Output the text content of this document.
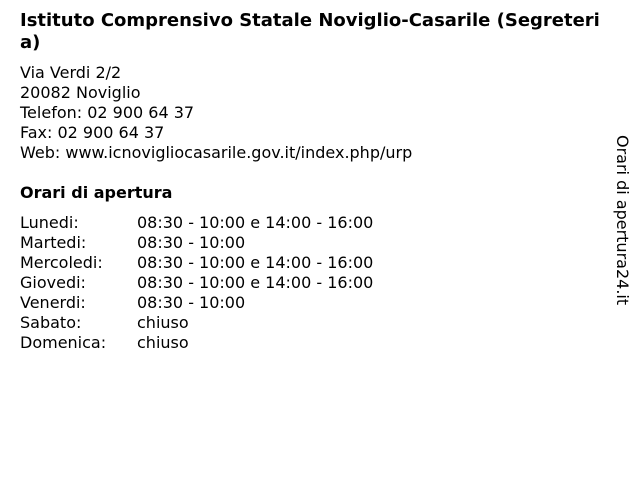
Istituto Comprensivo Statale Noviglio-Casarile (Segreteria)
Via Verdi 2/2
20082 Noviglio
Telefon: 02 900 64 37
Fax: 02 900 64 37
Web: www.icnovigliocasarile.gov.it/index.php/urp
Orari di apertura
Lunedi:	08:30 - 10:00 e 14:00 - 16:00
Martedi:	08:30 - 10:00
Mercoledi:	08:30 - 10:00 e 14:00 - 16:00
Giovedi:	08:30 - 10:00 e 14:00 - 16:00
Venerdi:	08:30 - 10:00
Sabato:	chiuso
Domenica:	chiuso
Orari di apertura24.it
